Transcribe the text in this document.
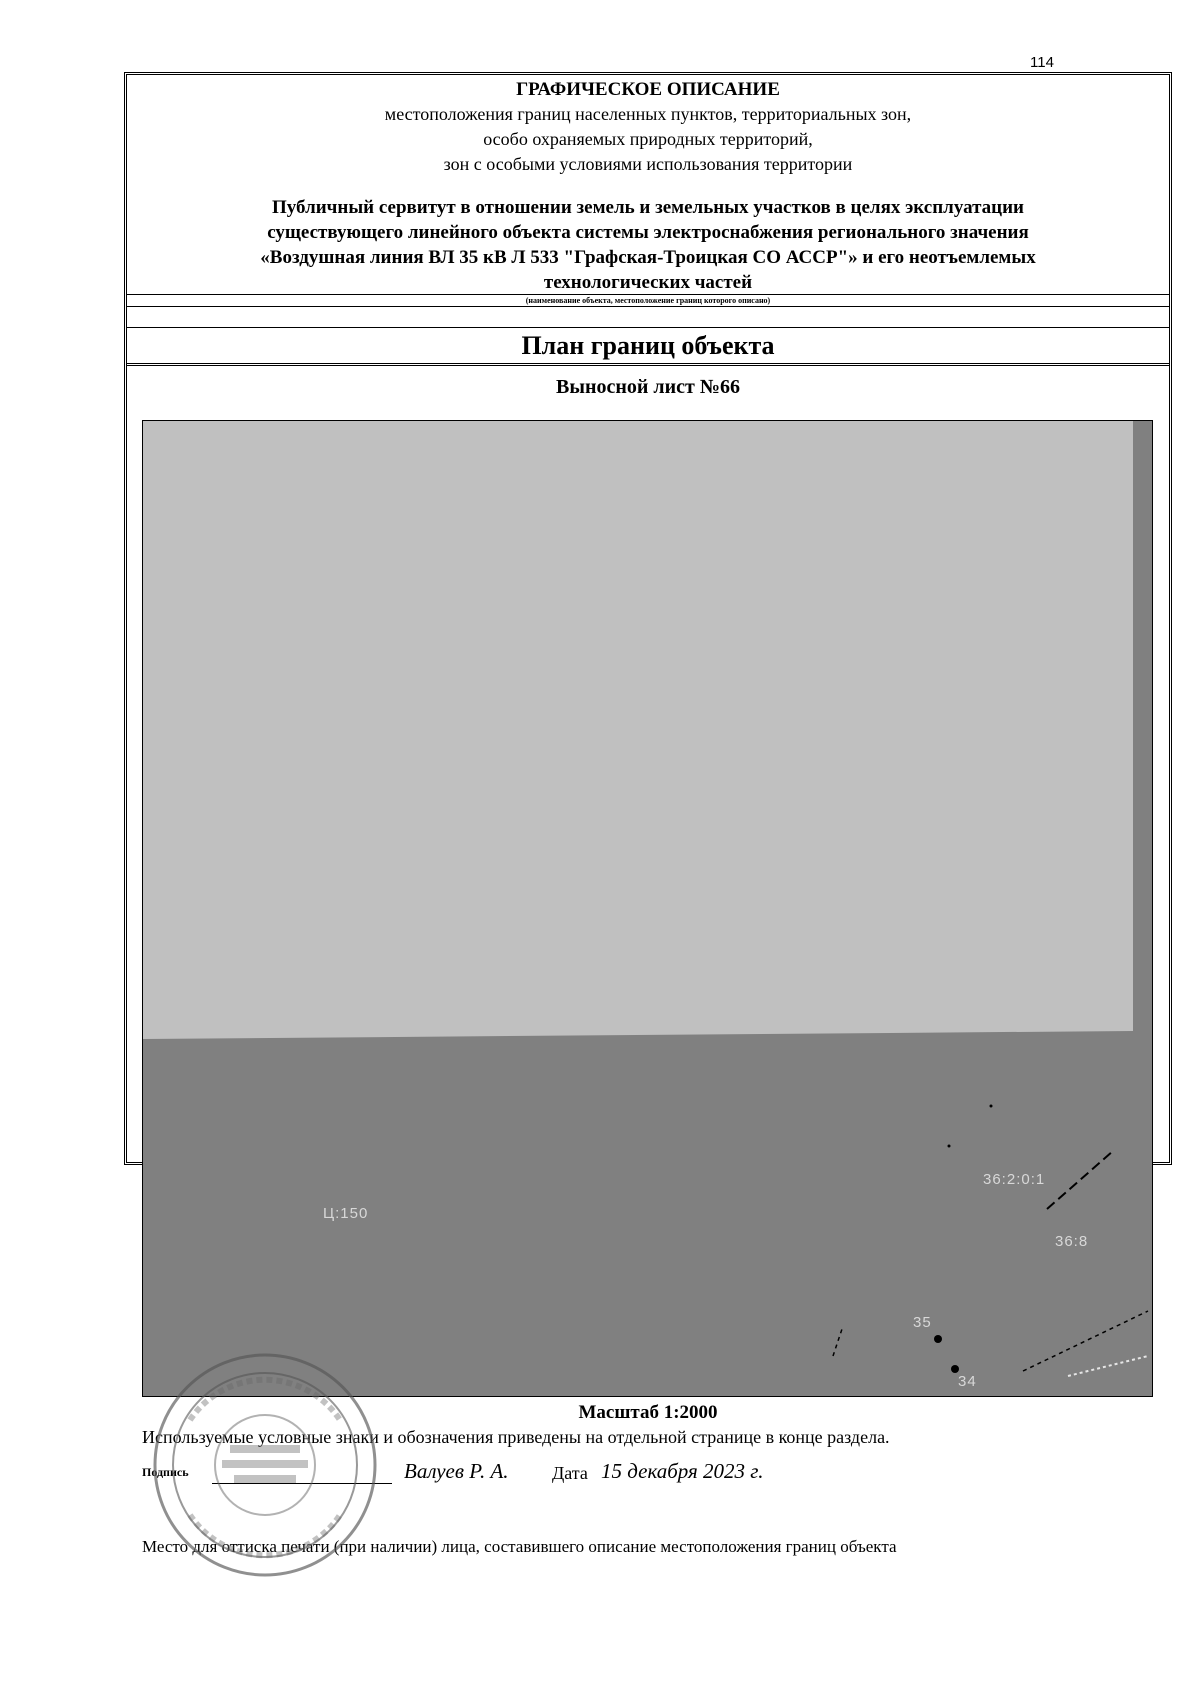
114
ГРАФИЧЕСКОЕ ОПИСАНИЕ
местоположения границ населенных пунктов, территориальных зон,
особо охраняемых природных территорий,
зон с особыми условиями использования территории
Публичный сервитут в отношении земель и земельных участков в целях эксплуатации
существующего линейного объекта системы электроснабжения регионального значения
«Воздушная линия ВЛ 35 кВ Л 533 "Графская-Троицкая СО АССР"» и его неотъемлемых
технологических частей
(наименование объекта, местоположение границ которого описано)
План границ объекта
Выносной лист №66
Ц:150
36:2:0:1
36:8
35
34
Масштаб 1:2000
Используемые условные знаки и обозначения приведены на отдельной странице в конце раздела.
Подпись	Валуев Р. А. Дата 15 декабря 2023 г.
Место для оттиска печати (при наличии) лица, составившего описание местоположения границ объекта
